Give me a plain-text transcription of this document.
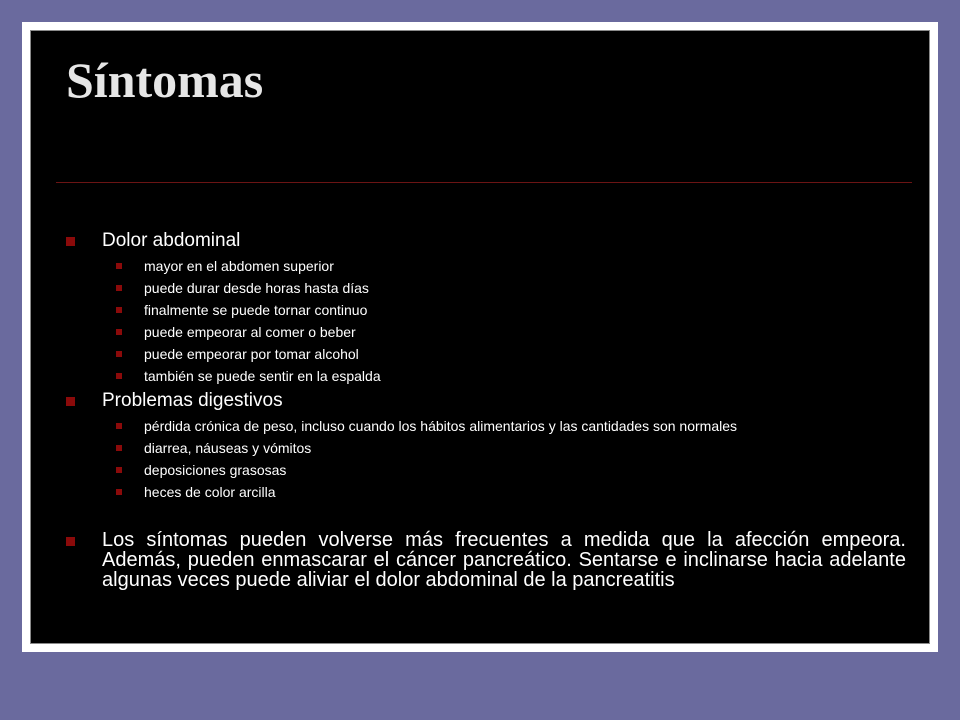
Síntomas
Dolor abdominal
mayor en el abdomen superior
puede durar desde horas hasta días
finalmente se puede tornar continuo
puede empeorar al comer o beber
puede empeorar por tomar alcohol
también se puede sentir en la espalda
Problemas digestivos
pérdida crónica de peso, incluso cuando los hábitos alimentarios y las cantidades son normales
diarrea, náuseas y vómitos
deposiciones grasosas
heces de color arcilla
Los síntomas pueden volverse más frecuentes a medida que la afección empeora. Además, pueden enmascarar el cáncer pancreático. Sentarse e inclinarse hacia adelante algunas veces puede aliviar el dolor abdominal de la pancreatitis
